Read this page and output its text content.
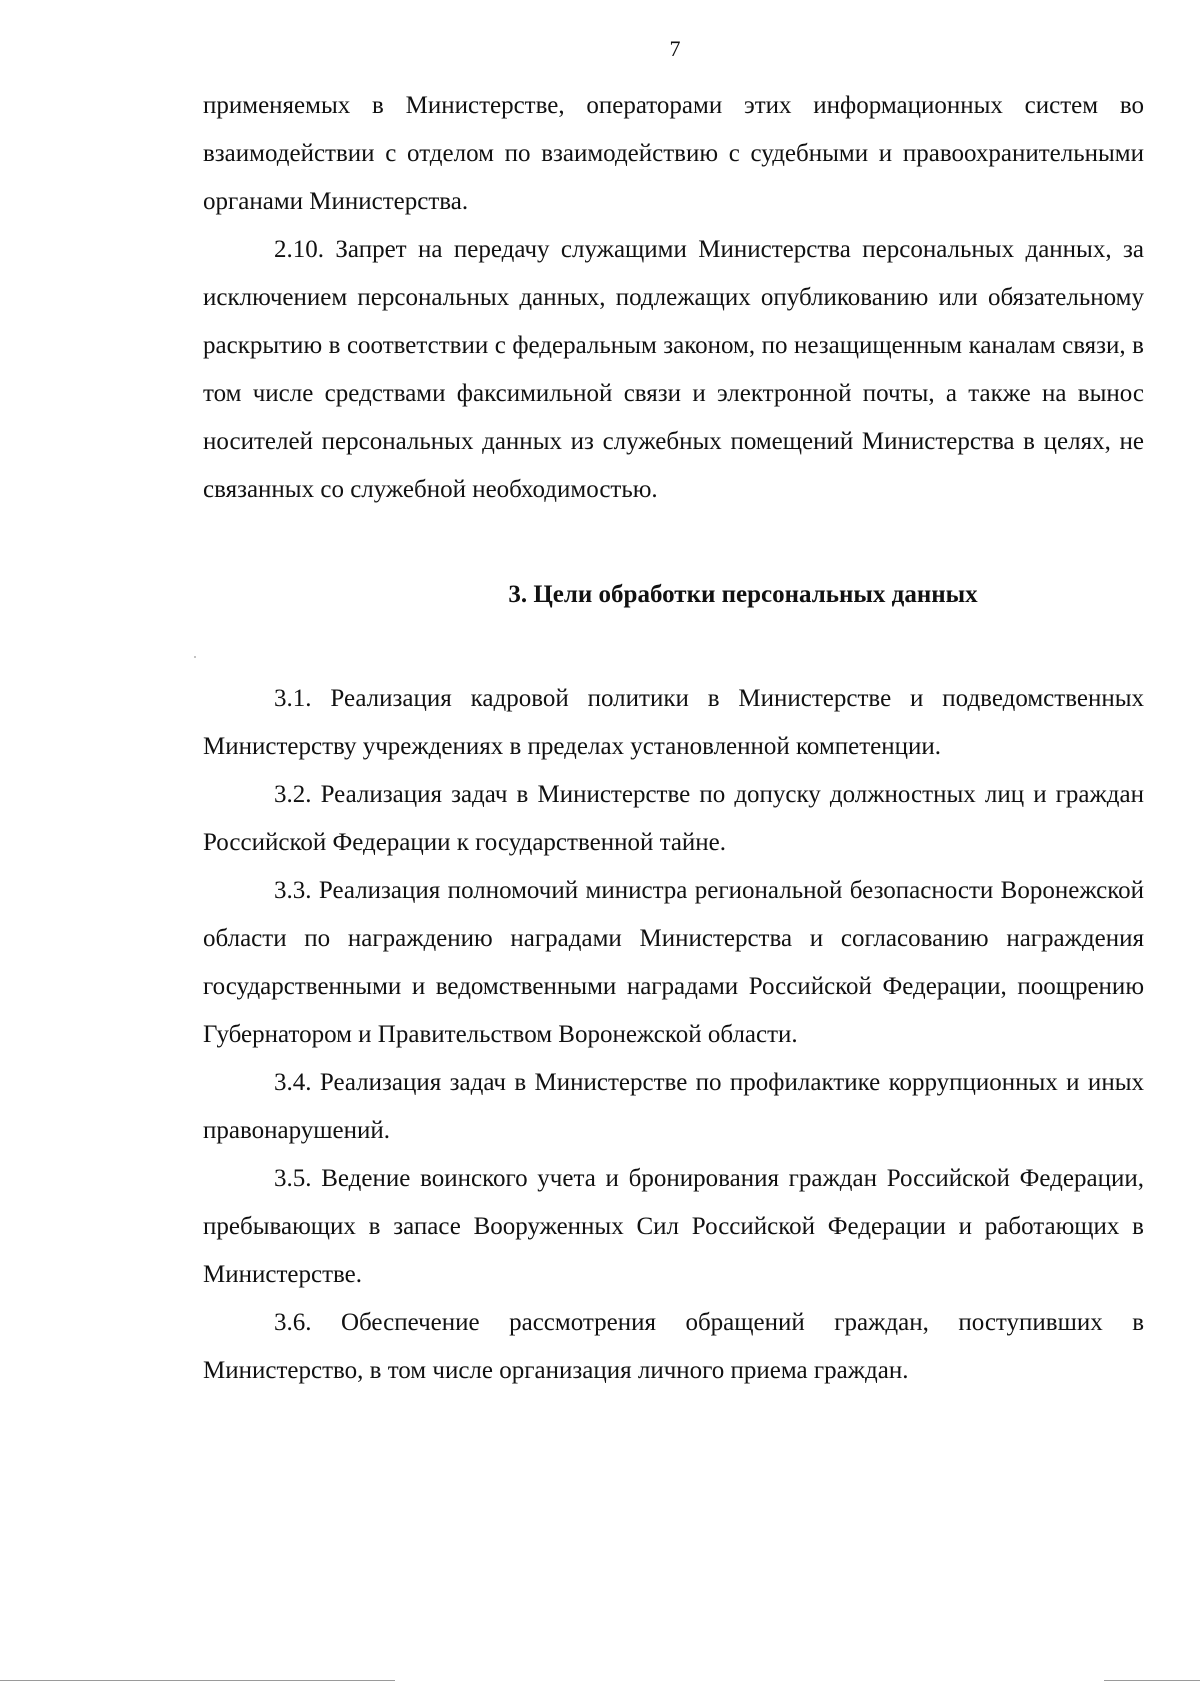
7

применяемых в Министерстве, операторами этих информационных систем во взаимодействии с отделом по взаимодействию с судебными и правоохранительными органами Министерства.

2.10. Запрет на передачу служащими Министерства персональных данных, за исключением персональных данных, подлежащих опубликованию или обязательному раскрытию в соответствии с федеральным законом, по незащищенным каналам связи, в том числе средствами факсимильной связи и электронной почты, а также на вынос носителей персональных данных из служебных помещений Министерства в целях, не связанных со служебной необходимостью.

3. Цели обработки персональных данных

3.1. Реализация кадровой политики в Министерстве и подведомственных Министерству учреждениях в пределах установленной компетенции.

3.2. Реализация задач в Министерстве по допуску должностных лиц и граждан Российской Федерации к государственной тайне.

3.3. Реализация полномочий министра региональной безопасности Воронежской области по награждению наградами Министерства и согласованию награждения государственными и ведомственными наградами Российской Федерации, поощрению Губернатором и Правительством Воронежской области.

3.4. Реализация задач в Министерстве по профилактике коррупционных и иных правонарушений.

3.5. Ведение воинского учета и бронирования граждан Российской Федерации, пребывающих в запасе Вооруженных Сил Российской Федерации и работающих в Министерстве.

3.6. Обеспечение рассмотрения обращений граждан, поступивших в Министерство, в том числе организация личного приема граждан.
